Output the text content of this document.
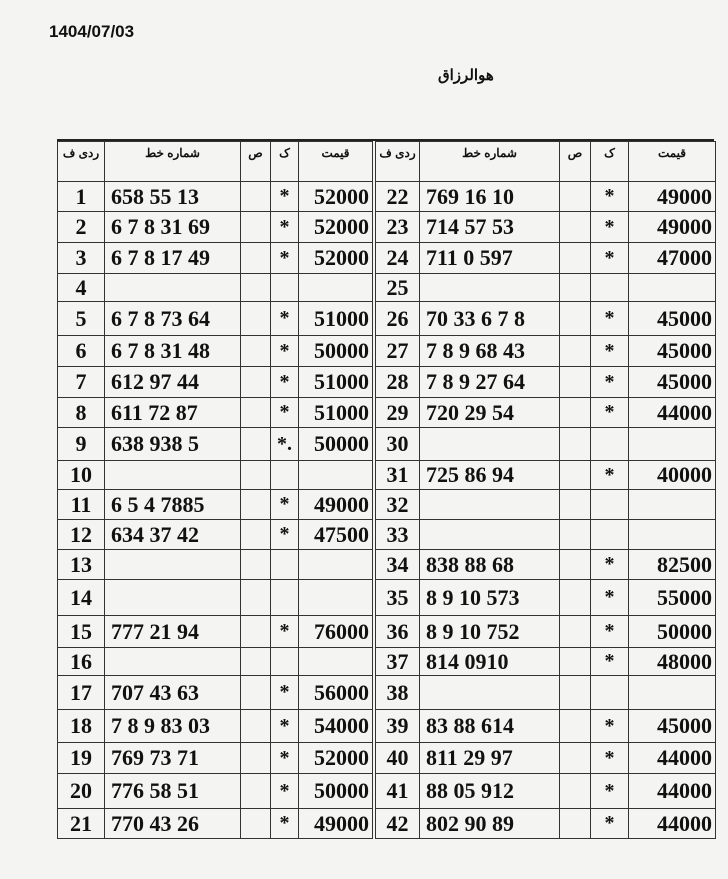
1404/07/03
هوالرزاق
ردی ف	شماره خط	ص	ک	قیمت
1	658 55 13		*	52000
2	6 7 8 31 69		*	52000
3	6 7 8 17 49		*	52000
4				
5	6 7 8 73 64		*	51000
6	6 7 8 31 48		*	50000
7	612 97 44		*	51000
8	611 72 87		*	51000
9	638 938 5		*.	50000
10				
11	6 5 4 7885		*	49000
12	634 37 42		*	47500
13				
14				
15	777 21 94		*	76000
16				
17	707 43 63		*	56000
18	7 8 9 83 03		*	54000
19	769 73 71		*	52000
20	776 58 51		*	50000
21	770 43 26		*	49000
ردی ف	شماره خط	ص	ک	قیمت
22	769 16 10		*	49000
23	714 57 53		*	49000
24	711 0 597		*	47000
25				
26	70 33 6 7 8		*	45000
27	7 8 9 68 43		*	45000
28	7 8 9 27 64		*	45000
29	720 29 54		*	44000
30				
31	725 86 94		*	40000
32				
33				
34	838 88 68		*	82500
35	8 9 10 573		*	55000
36	8 9 10 752		*	50000
37	814 0910		*	48000
38				
39	83 88 614		*	45000
40	811 29 97		*	44000
41	88 05 912		*	44000
42	802 90 89		*	44000
